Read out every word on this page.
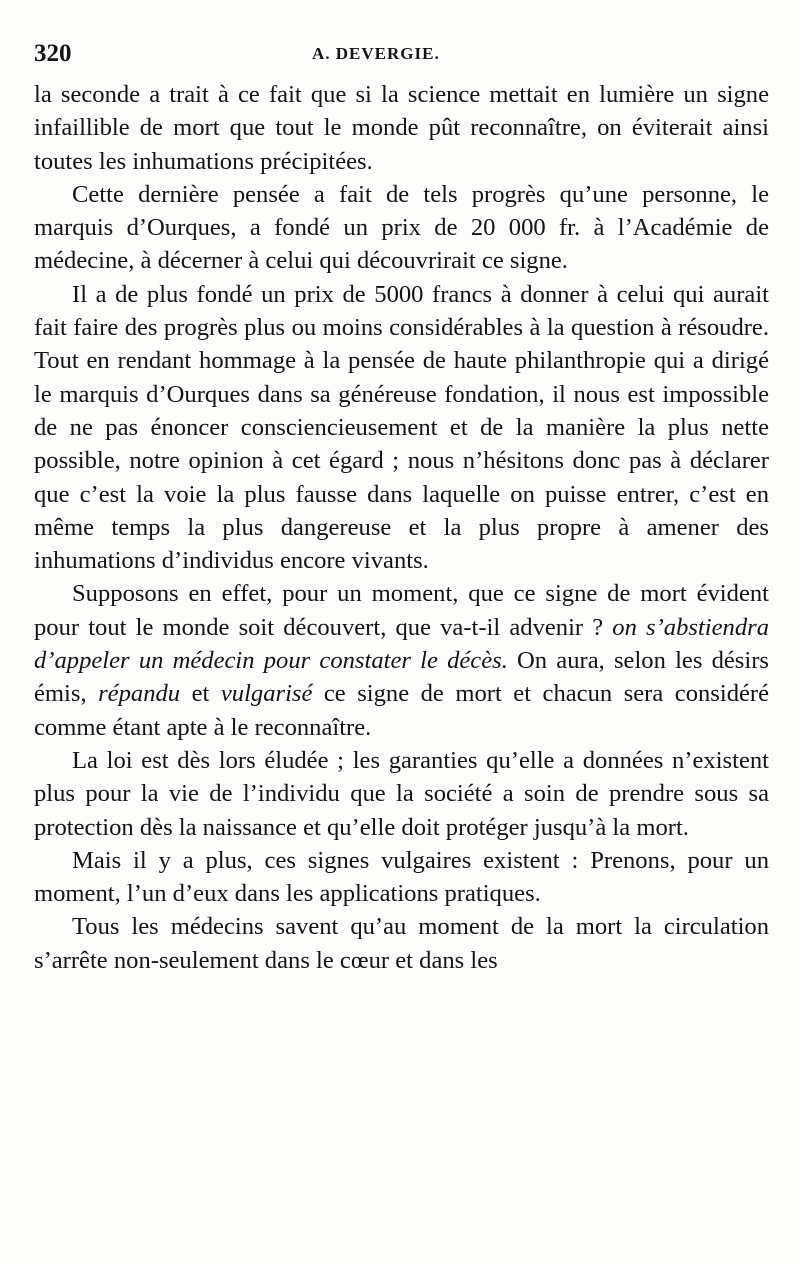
320	A. DEVERGIE.

la seconde a trait à ce fait que si la science mettait en lumière un signe infaillible de mort que tout le monde pût reconnaître, on éviterait ainsi toutes les inhumations précipitées.

Cette dernière pensée a fait de tels progrès qu’une personne, le marquis d’Ourques, a fondé un prix de 20 000 fr. à l’Académie de médecine, à décerner à celui qui découvrirait ce signe.

Il a de plus fondé un prix de 5000 francs à donner à celui qui aurait fait faire des progrès plus ou moins considérables à la question à résoudre. Tout en rendant hommage à la pensée de haute philanthropie qui a dirigé le marquis d’Ourques dans sa généreuse fondation, il nous est impossible de ne pas énoncer consciencieusement et de la manière la plus nette possible, notre opinion à cet égard ; nous n’hésitons donc pas à déclarer que c’est la voie la plus fausse dans laquelle on puisse entrer, c’est en même temps la plus dangereuse et la plus propre à amener des inhumations d’individus encore vivants.

Supposons en effet, pour un moment, que ce signe de mort évident pour tout le monde soit découvert, que va-t-il advenir ? on s’abstiendra d’appeler un médecin pour constater le décès. On aura, selon les désirs émis, répandu et vulgarisé ce signe de mort et chacun sera considéré comme étant apte à le reconnaître.

La loi est dès lors éludée ; les garanties qu’elle a données n’existent plus pour la vie de l’individu que la société a soin de prendre sous sa protection dès la naissance et qu’elle doit protéger jusqu’à la mort.

Mais il y a plus, ces signes vulgaires existent : Prenons, pour un moment, l’un d’eux dans les applications pratiques.

Tous les médecins savent qu’au moment de la mort la circulation s’arrête non-seulement dans le cœur et dans les
